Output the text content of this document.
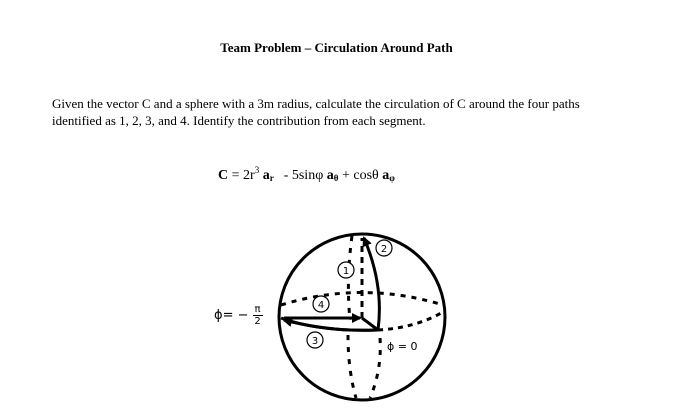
Team Problem – Circulation Around Path
Given the vector C and a sphere with a 3m radius, calculate the circulation of C around the four paths identified as 1, 2, 3, and 4. Identify the contribution from each segment.
$C = 2r^3$ $a_r - 5\sin\varphi$ $a_\theta + \cos\theta$ $a_\varphi$
$\phi= - \frac{\pi}{2}$
1
2
3
4
ϕ = 0
